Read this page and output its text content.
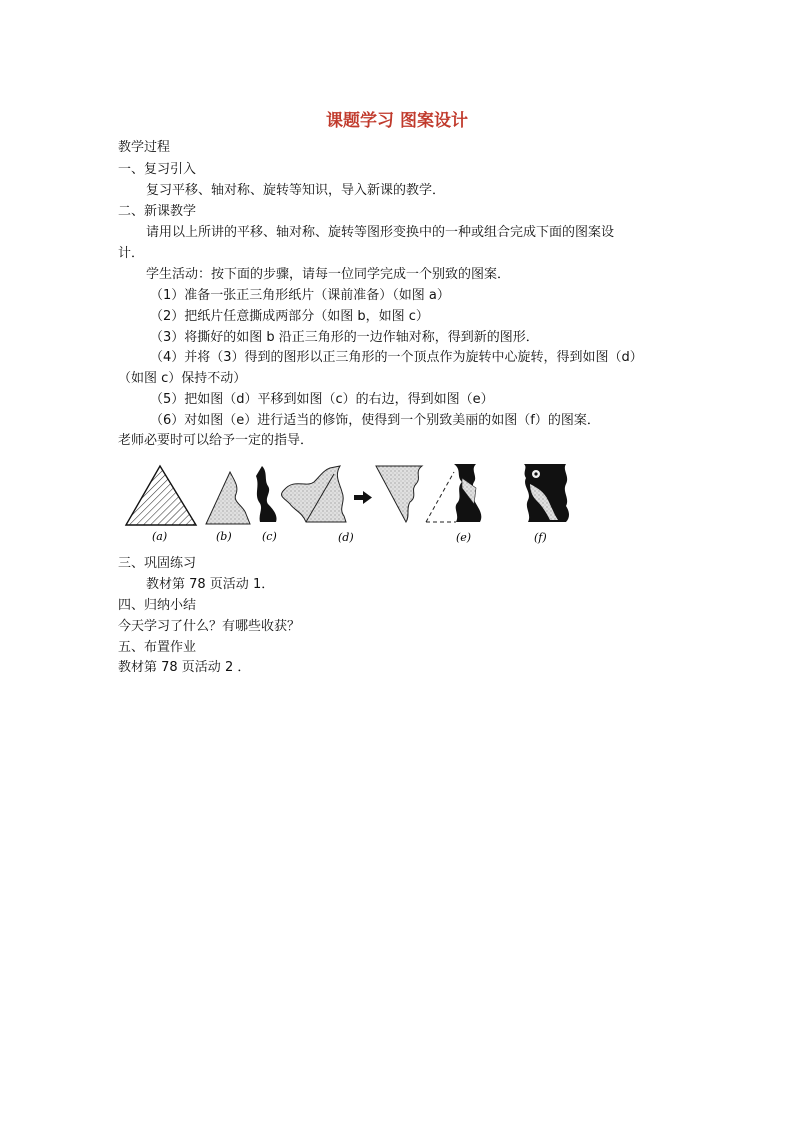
课题学习 图案设计
教学过程
一、复习引入
复习平移、轴对称、旋转等知识，导入新课的教学．
二、新课教学
请用以上所讲的平移、轴对称、旋转等图形变换中的一种或组合完成下面的图案设
计．
学生活动：按下面的步骤，请每一位同学完成一个别致的图案．
（1）准备一张正三角形纸片（课前准备）（如图 a）
（2）把纸片任意撕成两部分（如图 b，如图 c）
（3）将撕好的如图 b 沿正三角形的一边作轴对称，得到新的图形．
（4）并将（3）得到的图形以正三角形的一个顶点作为旋转中心旋转，得到如图（d）
（如图 c）保持不动）
（5）把如图（d）平移到如图（c）的右边，得到如图（e）
（6）对如图（e）进行适当的修饰，使得到一个别致美丽的如图（f）的图案．
老师必要时可以给予一定的指导．
(a)	(b)	(c)	(d)	(e)	(f)
三、巩固练习
教材第 78 页活动 1．
四、归纳小结
今天学习了什么？有哪些收获？
五、布置作业
教材第 78 页活动 2 ．
